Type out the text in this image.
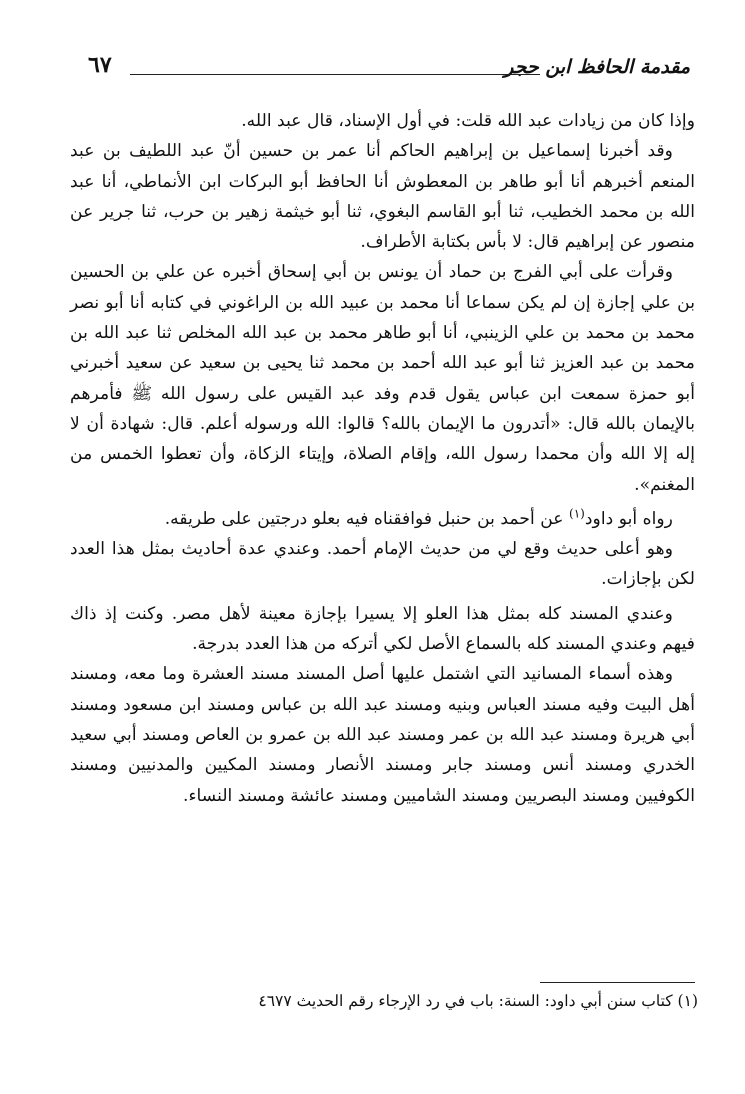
مقدمة الحافظ ابن حجر
٦٧

وإذا كان من زيادات عبد الله قلت: في أول الإسناد، قال عبد الله.

وقد أخبرنا إسماعيل بن إبراهيم الحاكم أنا عمر بن حسين أنّ عبد اللطيف بن عبد المنعم أخبرهم أنا أبو طاهر بن المعطوش أنا الحافظ أبو البركات ابن الأنماطي، أنا عبد الله بن محمد الخطيب، ثنا أبو القاسم البغوي، ثنا أبو خيثمة زهير بن حرب، ثنا جرير عن منصور عن إبراهيم قال: لا بأس بكتابة الأطراف.

وقرأت على أبي الفرج بن حماد أن يونس بن أبي إسحاق أخبره عن علي بن الحسين بن علي إجازة إن لم يكن سماعا أنا محمد بن عبيد الله بن الراغوني في كتابه أنا أبو نصر محمد بن محمد بن علي الزينبي، أنا أبو طاهر محمد بن عبد الله المخلص ثنا عبد الله بن محمد بن عبد العزيز ثنا أبو عبد الله أحمد بن محمد ثنا يحيى بن سعيد عن سعيد أخبرني أبو حمزة سمعت ابن عباس يقول قدم وفد عبد القيس على رسول الله ﷺ فأمرهم بالإيمان بالله قال: «أتدرون ما الإيمان بالله؟ قالوا: الله ورسوله أعلم. قال: شهادة أن لا إله إلا الله وأن محمدا رسول الله، وإقام الصلاة، وإيتاء الزكاة، وأن تعطوا الخمس من المغنم».

رواه أبو داود$^{(١)}$ عن أحمد بن حنبل فوافقناه فيه بعلو درجتين على طريقه.

وهو أعلى حديث وقع لي من حديث الإمام أحمد. وعندي عدة أحاديث بمثل هذا العدد لكن بإجازات.

وعندي المسند كله بمثل هذا العلو إلا يسيرا بإجازة معينة لأهل مصر. وكنت إذ ذاك فيهم وعندي المسند كله بالسماع الأصل لكي أتركه من هذا العدد بدرجة.

وهذه أسماء المسانيد التي اشتمل عليها أصل المسند مسند العشرة وما معه، ومسند أهل البيت وفيه مسند العباس وبنيه ومسند عبد الله بن عباس ومسند ابن مسعود ومسند أبي هريرة ومسند عبد الله بن عمر ومسند عبد الله بن عمرو بن العاص ومسند أبي سعيد الخدري ومسند أنس ومسند جابر ومسند الأنصار ومسند المكيين والمدنيين ومسند الكوفيين ومسند البصريين ومسند الشاميين ومسند عائشة ومسند النساء.

(١) كتاب سنن أبي داود: السنة: باب في رد الإرجاء رقم الحديث ٤٦٧٧
